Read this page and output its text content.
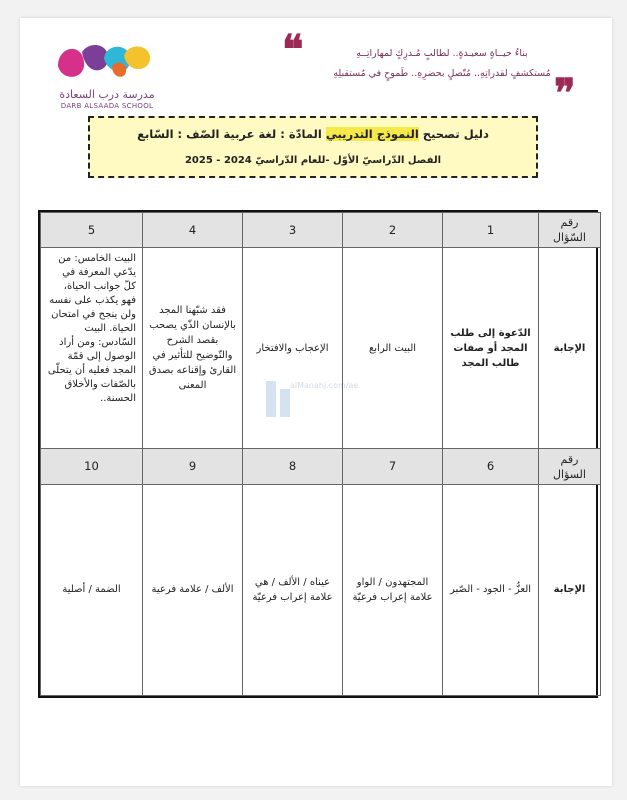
مدرسة درب السعادة
DARB ALSAADA SCHOOL
❝	بناءُ حيــاةٍ سعيـدةٍ.. لطالبٍ مُـدرِكٍ لمهاراتِــهِ
مُستكشفٍ لقدراتِهِ.. مُتّصلٍ بحضرِهِ.. طَموحٍ في مُستقبلِهِ ❞
دليل تصحيح النموذج التدريبي المادّة : لغة عربية الصّف : السّابع
الفصل الدّراسيّ الأوّل -للعام الدّراسيّ 2024 - 2025
رقم السّؤال	1	2	3	4	5
الإجابة	الدّعوة إلى طلب المجد أو صفات طالب المجد	البيت الرابع	الإعجاب والافتخار	فقد شبّهنا المجد بالإنسان الذّي يصحب بقصد الشرح والتّوضيح للتأثير في القارئ وإقناعه بصدق المعنى	البيت الخامس: من يدّعي المعرفة في كلّ جوانب الحياة، فهو يكذب على نفسه ولن ينجح في امتحان الحياة. البيت السّادس: ومن أراد الوصول إلى قمّة المجد فعليه أن يتحلّى بالصّفات والأخلاق الحسنة..
رقم السؤال	6	7	8	9	10
الإجابة	العزُّ - الجود - الصّبر	المجتهدون / الواو علامة إعراب فرعيّة	عيناه / الألف / هي علامة إعراب فرعيّة	الألف / علامة فرعية	الضمة / أصلية
alManahj.com/ae
